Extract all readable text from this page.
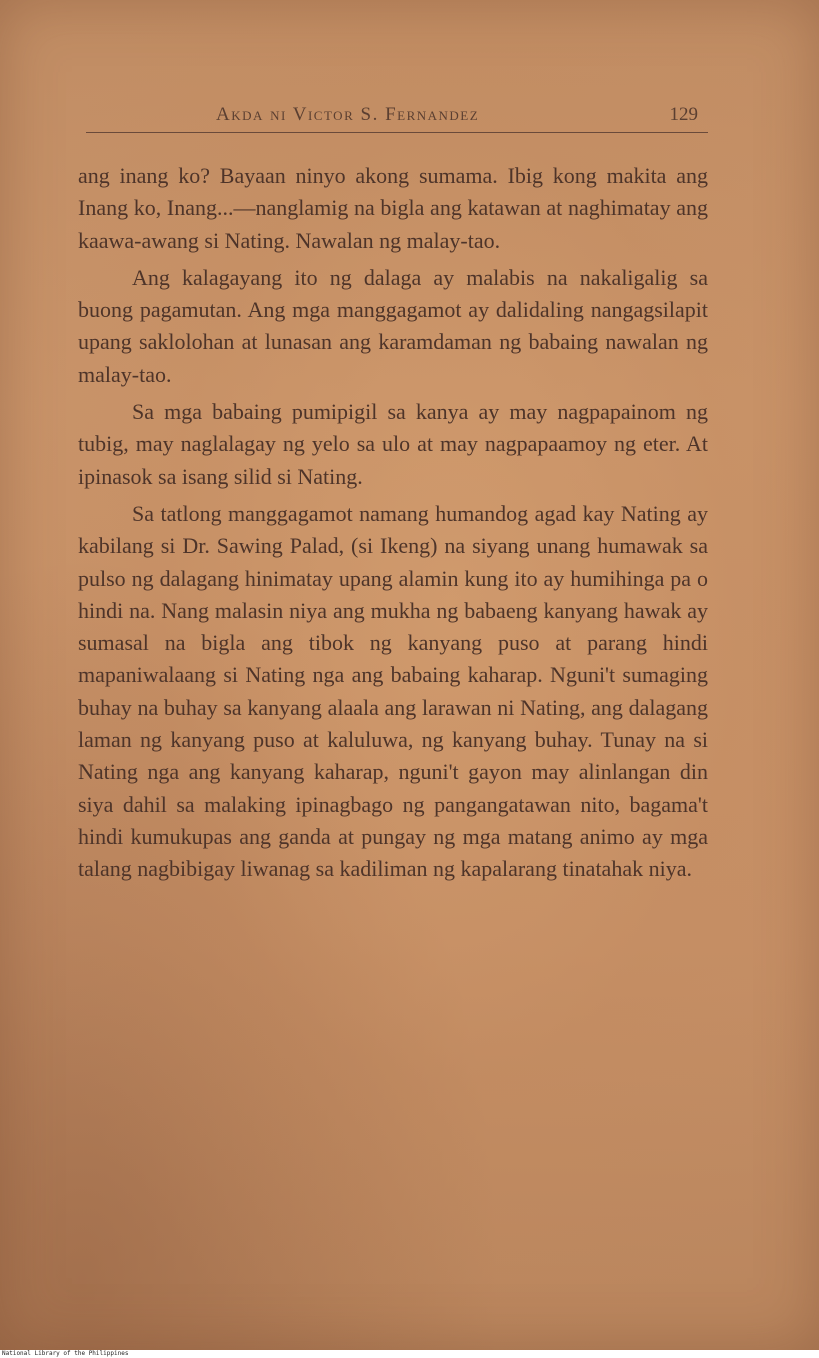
Akda ni Victor S. Fernandez	129

ang inang ko? Bayaan ninyo akong sumama. Ibig kong makita ang Inang ko, Inang...—nanglamig na bigla ang katawan at naghimatay ang kaawa-awang si Nating. Nawalan ng malay-tao.

Ang kalagayang ito ng dalaga ay malabis na nakaligalig sa buong pagamutan. Ang mga manggagamot ay dalidaling nangagsilapit upang saklolohan at lunasan ang karamdaman ng babaing nawalan ng malay-tao.

Sa mga babaing pumipigil sa kanya ay may nagpapainom ng tubig, may naglalagay ng yelo sa ulo at may nagpapaamoy ng eter. At ipinasok sa isang silid si Nating.

Sa tatlong manggagamot namang humandog agad kay Nating ay kabilang si Dr. Sawing Palad, (si Ikeng) na siyang unang humawak sa pulso ng dalagang hinimatay upang alamin kung ito ay humihinga pa o hindi na. Nang malasin niya ang mukha ng babaeng kanyang hawak ay sumasal na bigla ang tibok ng kanyang puso at parang hindi mapaniwalaang si Nating nga ang babaing kaharap. Nguni't sumaging buhay na buhay sa kanyang alaala ang larawan ni Nating, ang dalagang laman ng kanyang puso at kaluluwa, ng kanyang buhay. Tunay na si Nating nga ang kanyang kaharap, nguni't gayon may alinlangan din siya dahil sa malaking ipinagbago ng pangangatawan nito, bagama't hindi kumukupas ang ganda at pungay ng mga matang animo ay mga talang nagbibigay liwanag sa kadiliman ng kapalarang tinatahak niya.

National Library of the Philippines
